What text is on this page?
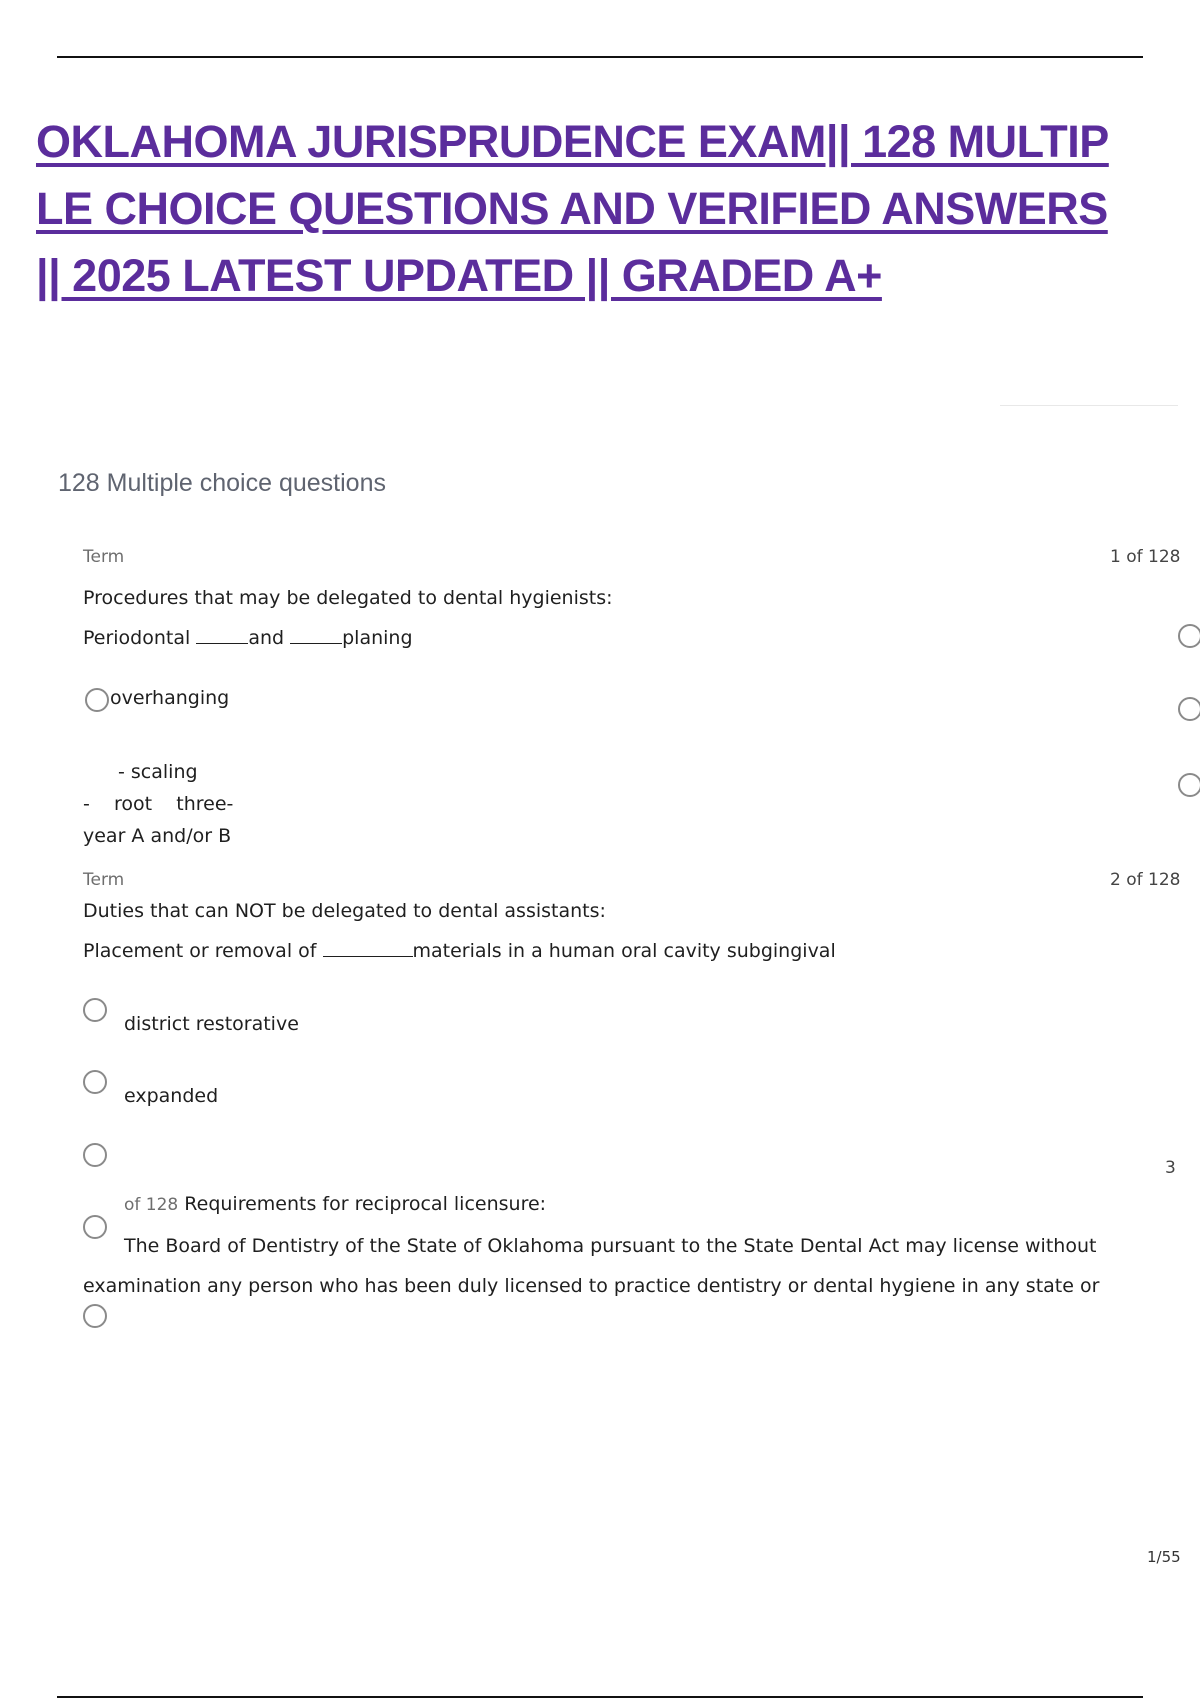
OKLAHOMA JURISPRUDENCE EXAM|| 128 MULTIP
LE CHOICE QUESTIONS AND VERIFIED ANSWERS
|| 2025 LATEST UPDATED || GRADED A+
128 Multiple choice questions
Term	1 of 128
Procedures that may be delegated to dental hygienists:
Periodontal	and	planing
overhanging
- scaling
-    root    three-
year A and/or B
Term	2 of 128
Duties that can NOT be delegated to dental assistants:
Placement or removal of	materials in a human oral cavity subgingival
district restorative
expanded
3
of 128 Requirements for reciprocal licensure:
The Board of Dentistry of the State of Oklahoma pursuant to the State Dental Act may license without
examination any person who has been duly licensed to practice dentistry or dental hygiene in any state or
1/55
